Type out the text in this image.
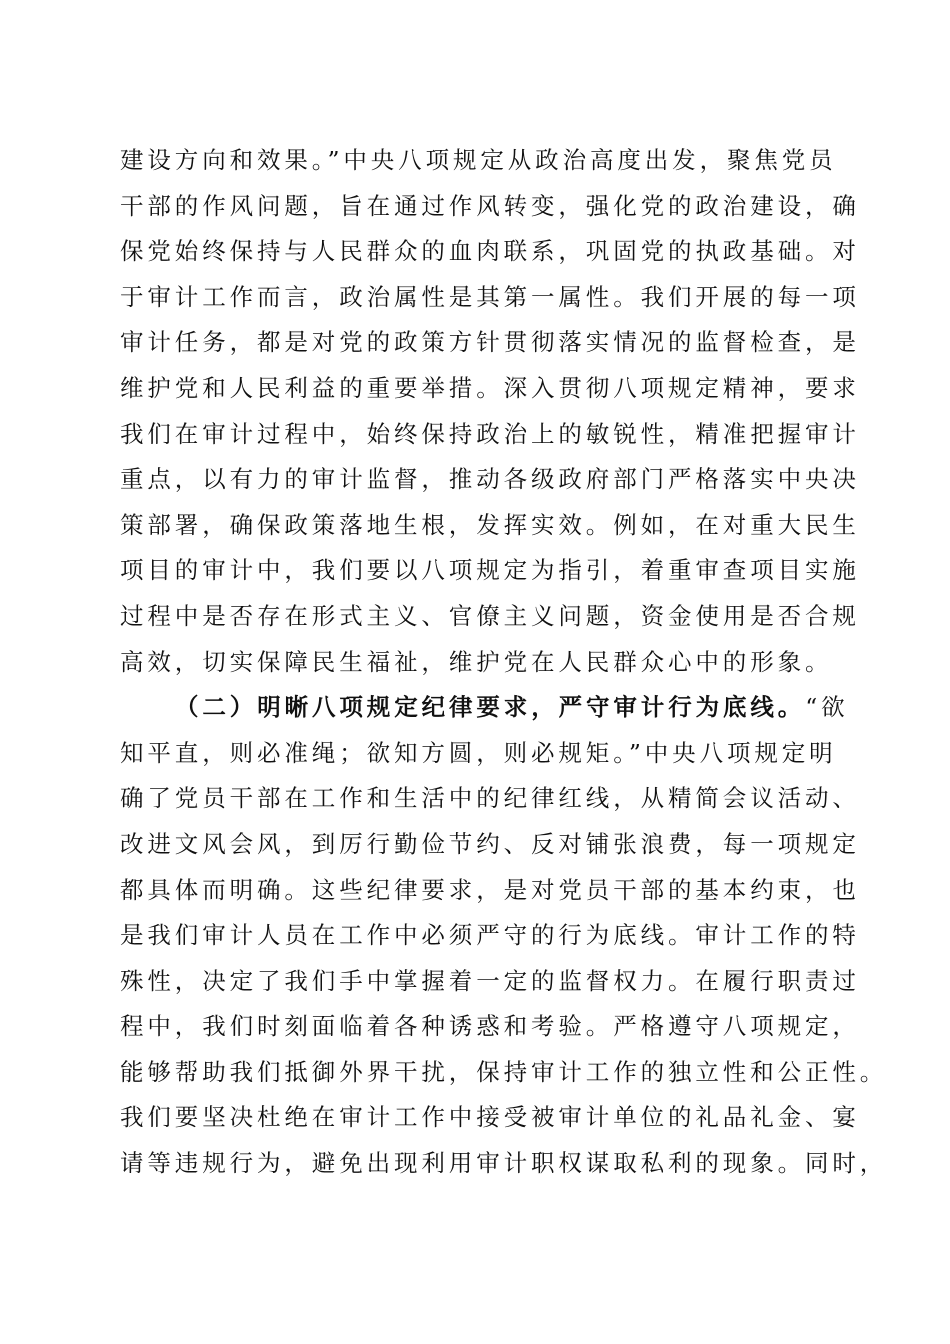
建设方向和效果。”中央八项规定从政治高度出发，聚焦党员
干部的作风问题，旨在通过作风转变，强化党的政治建设，确
保党始终保持与人民群众的血肉联系，巩固党的执政基础。对
于审计工作而言，政治属性是其第一属性。我们开展的每一项
审计任务，都是对党的政策方针贯彻落实情况的监督检查，是
维护党和人民利益的重要举措。深入贯彻八项规定精神，要求
我们在审计过程中，始终保持政治上的敏锐性，精准把握审计
重点，以有力的审计监督，推动各级政府部门严格落实中央决
策部署，确保政策落地生根，发挥实效。例如，在对重大民生
项目的审计中，我们要以八项规定为指引，着重审查项目实施
过程中是否存在形式主义、官僚主义问题，资金使用是否合规
高效，切实保障民生福祉，维护党在人民群众心中的形象。
（二）明晰八项规定纪律要求，严守审计行为底线。“欲
知平直，则必准绳；欲知方圆，则必规矩。”中央八项规定明
确了党员干部在工作和生活中的纪律红线，从精简会议活动、
改进文风会风，到厉行勤俭节约、反对铺张浪费，每一项规定
都具体而明确。这些纪律要求，是对党员干部的基本约束，也
是我们审计人员在工作中必须严守的行为底线。审计工作的特
殊性，决定了我们手中掌握着一定的监督权力。在履行职责过
程中，我们时刻面临着各种诱惑和考验。严格遵守八项规定，
能够帮助我们抵御外界干扰，保持审计工作的独立性和公正性。
我们要坚决杜绝在审计工作中接受被审计单位的礼品礼金、宴
请等违规行为，避免出现利用审计职权谋取私利的现象。同时，
